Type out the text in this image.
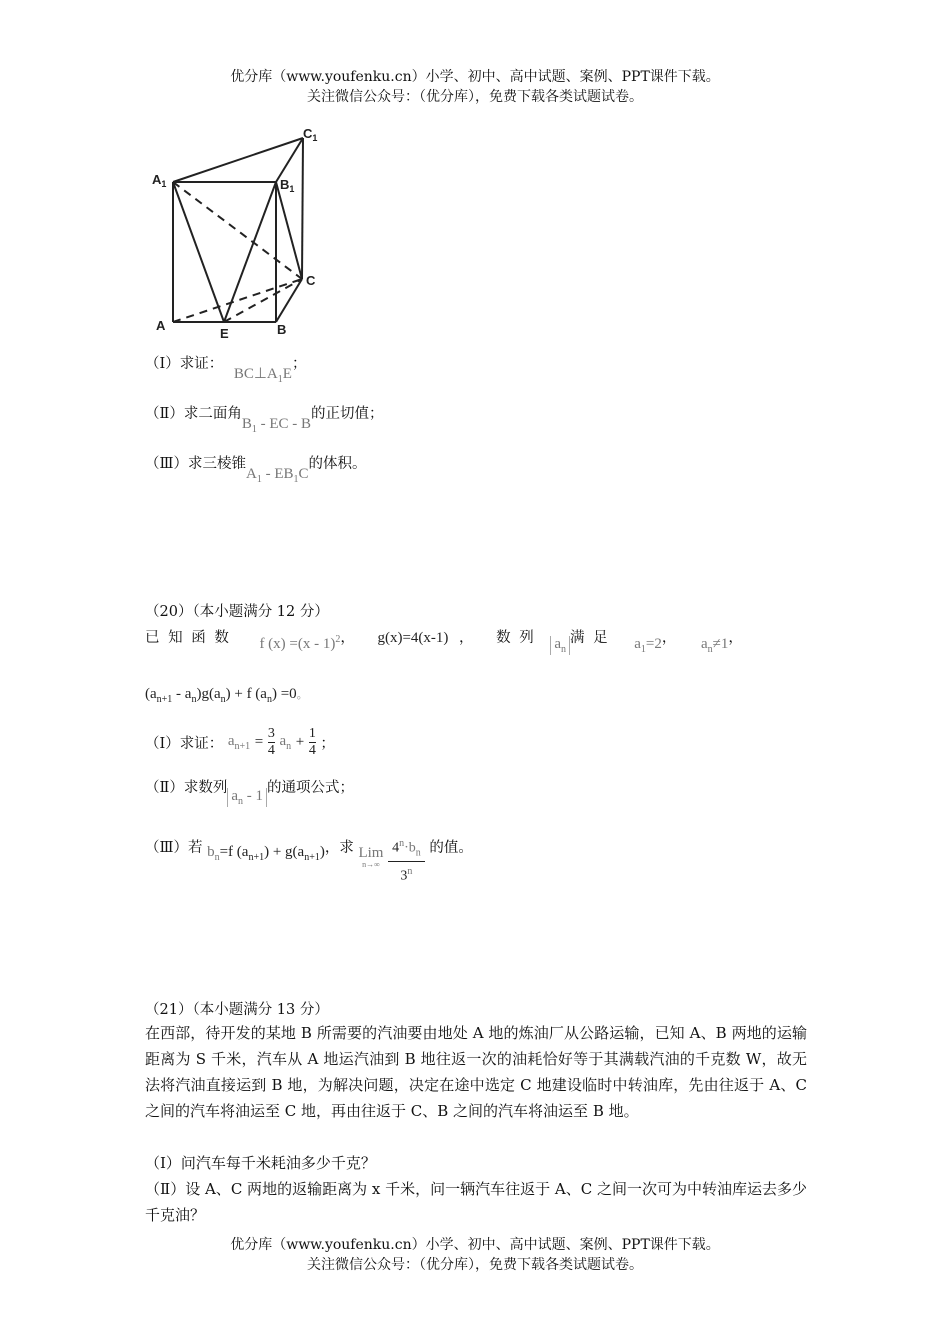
优分库（www.youfenku.cn）小学、初中、高中试题、案例、PPT课件下载。
关注微信公众号：（优分库），免费下载各类试题试卷。
$A_1$	$B_1$
$C_1$
A
E	B
C
（Ⅰ）求证： $BC\perp A_1E$；
（Ⅱ）求二面角$B_1$ - EC - B的正切值；
（Ⅲ）求三棱锥$A_1 - EB_1C$的体积。
（20）（本小题满分 12 分）
已 知 函 数 f (x) =(x - 1)$^2$， g(x)=4(x-1) ， 数 列 $a_n$满 足 $a_1=2$， $a_n\ne 1$，
$(a_{n+1} - a_n)g(a_n) + f$ $(a_n) =0$。
（Ⅰ）求证： $a_{n+1} = \frac{3}{4} a_n + \frac{1}{4}$ ；
（Ⅱ）求数列 $a_n - 1$ 的通项公式；
（Ⅲ）若 $b_n=f$ $(a_{n+1}) + g(a_{n+1})$，求 Lim
n→∞
$\frac{4^n\cdot b_n}{3^n}$ 的值。
（21）（本小题满分 13 分）
在西部，待开发的某地 B 所需要的汽油要由地处 A 地的炼油厂从公路运输，已知 A、B 两地的运输距离为 S 千米，汽车从 A 地运汽油到 B 地往返一次的油耗恰好等于其满载汽油的千克数 W，故无法将汽油直接运到 B 地，为解决问题，决定在途中选定 C 地建设临时中转油库，先由往返于 A、C 之间的汽车将油运至 C 地，再由往返于 C、B 之间的汽车将油运至 B 地。
（Ⅰ）问汽车每千米耗油多少千克？
（Ⅱ）设 A、C 两地的返输距离为 x 千米，问一辆汽车往返于 A、C 之间一次可为中转油库运去多少千克油？
优分库（www.youfenku.cn）小学、初中、高中试题、案例、PPT课件下载。
关注微信公众号：（优分库），免费下载各类试题试卷。
